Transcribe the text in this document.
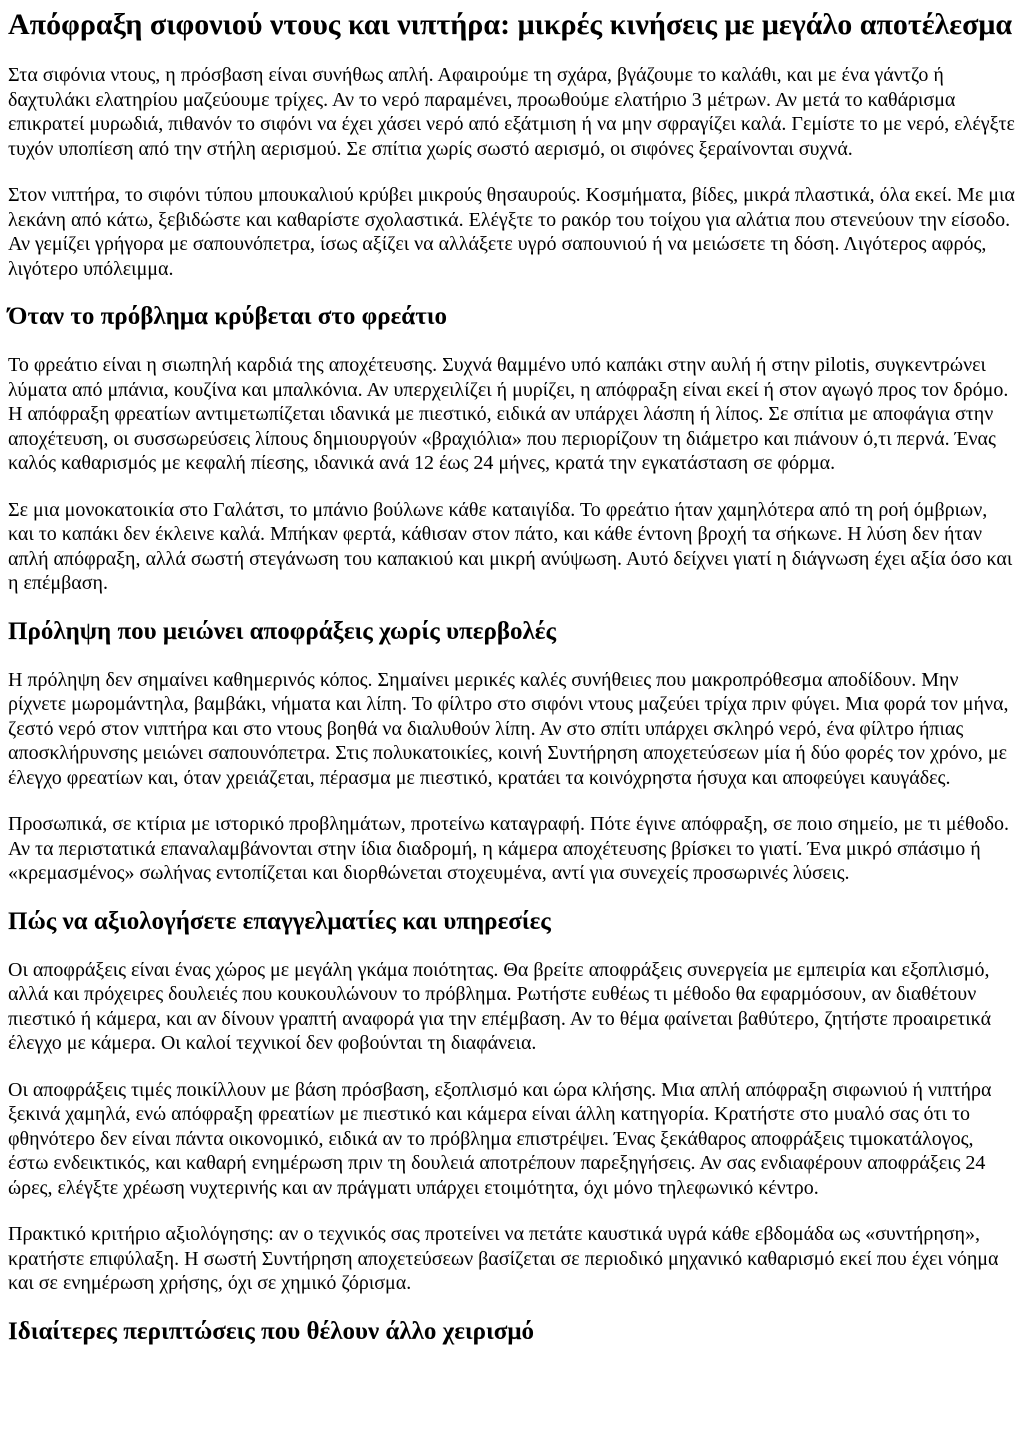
Απόφραξη σιφονιού ντους και νιπτήρα: μικρές κινήσεις με μεγάλο αποτέλεσμα

Στα σιφόνια ντους, η πρόσβαση είναι συνήθως απλή. Αφαιρούμε τη σχάρα, βγάζουμε το καλάθι, και με ένα γάντζο ή δαχτυλάκι ελατηρίου μαζεύουμε τρίχες. Αν το νερό παραμένει, προωθούμε ελατήριο 3 μέτρων. Αν μετά το καθάρισμα επικρατεί μυρωδιά, πιθανόν το σιφόνι να έχει χάσει νερό από εξάτμιση ή να μην σφραγίζει καλά. Γεμίστε το με νερό, ελέγξτε τυχόν υποπίεση από την στήλη αερισμού. Σε σπίτια χωρίς σωστό αερισμό, οι σιφόνες ξεραίνονται συχνά.

Στον νιπτήρα, το σιφόνι τύπου μπουκαλιού κρύβει μικρούς θησαυρούς. Κοσμήματα, βίδες, μικρά πλαστικά, όλα εκεί. Με μια λεκάνη από κάτω, ξεβιδώστε και καθαρίστε σχολαστικά. Ελέγξτε το ρακόρ του τοίχου για αλάτια που στενεύουν την είσοδο. Αν γεμίζει γρήγορα με σαπουνόπετρα, ίσως αξίζει να αλλάξετε υγρό σαπουνιού ή να μειώσετε τη δόση. Λιγότερος αφρός, λιγότερο υπόλειμμα.

Όταν το πρόβλημα κρύβεται στο φρεάτιο

Το φρεάτιο είναι η σιωπηλή καρδιά της αποχέτευσης. Συχνά θαμμένο υπό καπάκι στην αυλή ή στην pilotis, συγκεντρώνει λύματα από μπάνια, κουζίνα και μπαλκόνια. Αν υπερχειλίζει ή μυρίζει, η απόφραξη είναι εκεί ή στον αγωγό προς τον δρόμο. Η απόφραξη φρεατίων αντιμετωπίζεται ιδανικά με πιεστικό, ειδικά αν υπάρχει λάσπη ή λίπος. Σε σπίτια με αποφάγια στην αποχέτευση, οι συσσωρεύσεις λίπους δημιουργούν «βραχιόλια» που περιορίζουν τη διάμετρο και πιάνουν ό,τι περνά. Ένας καλός καθαρισμός με κεφαλή πίεσης, ιδανικά ανά 12 έως 24 μήνες, κρατά την εγκατάσταση σε φόρμα.

Σε μια μονοκατοικία στο Γαλάτσι, το μπάνιο βούλωνε κάθε καταιγίδα. Το φρεάτιο ήταν χαμηλότερα από τη ροή όμβριων, και το καπάκι δεν έκλεινε καλά. Μπήκαν φερτά, κάθισαν στον πάτο, και κάθε έντονη βροχή τα σήκωνε. Η λύση δεν ήταν απλή απόφραξη, αλλά σωστή στεγάνωση του καπακιού και μικρή ανύψωση. Αυτό δείχνει γιατί η διάγνωση έχει αξία όσο και η επέμβαση.

Πρόληψη που μειώνει αποφράξεις χωρίς υπερβολές

Η πρόληψη δεν σημαίνει καθημερινός κόπος. Σημαίνει μερικές καλές συνήθειες που μακροπρόθεσμα αποδίδουν. Μην ρίχνετε μωρομάντηλα, βαμβάκι, νήματα και λίπη. Το φίλτρο στο σιφόνι ντους μαζεύει τρίχα πριν φύγει. Μια φορά τον μήνα, ζεστό νερό στον νιπτήρα και στο ντους βοηθά να διαλυθούν λίπη. Αν στο σπίτι υπάρχει σκληρό νερό, ένα φίλτρο ήπιας αποσκλήρυνσης μειώνει σαπουνόπετρα. Στις πολυκατοικίες, κοινή Συντήρηση αποχετεύσεων μία ή δύο φορές τον χρόνο, με έλεγχο φρεατίων και, όταν χρειάζεται, πέρασμα με πιεστικό, κρατάει τα κοινόχρηστα ήσυχα και αποφεύγει καυγάδες.

Προσωπικά, σε κτίρια με ιστορικό προβλημάτων, προτείνω καταγραφή. Πότε έγινε απόφραξη, σε ποιο σημείο, με τι μέθοδο. Αν τα περιστατικά επαναλαμβάνονται στην ίδια διαδρομή, η κάμερα αποχέτευσης βρίσκει το γιατί. Ένα μικρό σπάσιμο ή «κρεμασμένος» σωλήνας εντοπίζεται και διορθώνεται στοχευμένα, αντί για συνεχείς προσωρινές λύσεις.

Πώς να αξιολογήσετε επαγγελματίες και υπηρεσίες

Οι αποφράξεις είναι ένας χώρος με μεγάλη γκάμα ποιότητας. Θα βρείτε αποφράξεις συνεργεία με εμπειρία και εξοπλισμό, αλλά και πρόχειρες δουλειές που κουκουλώνουν το πρόβλημα. Ρωτήστε ευθέως τι μέθοδο θα εφαρμόσουν, αν διαθέτουν πιεστικό ή κάμερα, και αν δίνουν γραπτή αναφορά για την επέμβαση. Αν το θέμα φαίνεται βαθύτερο, ζητήστε προαιρετικά έλεγχο με κάμερα. Οι καλοί τεχνικοί δεν φοβούνται τη διαφάνεια.

Οι αποφράξεις τιμές ποικίλλουν με βάση πρόσβαση, εξοπλισμό και ώρα κλήσης. Μια απλή απόφραξη σιφωνιού ή νιπτήρα ξεκινά χαμηλά, ενώ απόφραξη φρεατίων με πιεστικό και κάμερα είναι άλλη κατηγορία. Κρατήστε στο μυαλό σας ότι το φθηνότερο δεν είναι πάντα οικονομικό, ειδικά αν το πρόβλημα επιστρέψει. Ένας ξεκάθαρος αποφράξεις τιμοκατάλογος, έστω ενδεικτικός, και καθαρή ενημέρωση πριν τη δουλειά αποτρέπουν παρεξηγήσεις. Αν σας ενδιαφέρουν αποφράξεις 24 ώρες, ελέγξτε χρέωση νυχτερινής και αν πράγματι υπάρχει ετοιμότητα, όχι μόνο τηλεφωνικό κέντρο.

Πρακτικό κριτήριο αξιολόγησης: αν ο τεχνικός σας προτείνει να πετάτε καυστικά υγρά κάθε εβδομάδα ως «συντήρηση», κρατήστε επιφύλαξη. Η σωστή Συντήρηση αποχετεύσεων βασίζεται σε περιοδικό μηχανικό καθαρισμό εκεί που έχει νόημα και σε ενημέρωση χρήσης, όχι σε χημικό ζόρισμα.

Ιδιαίτερες περιπτώσεις που θέλουν άλλο χειρισμό
